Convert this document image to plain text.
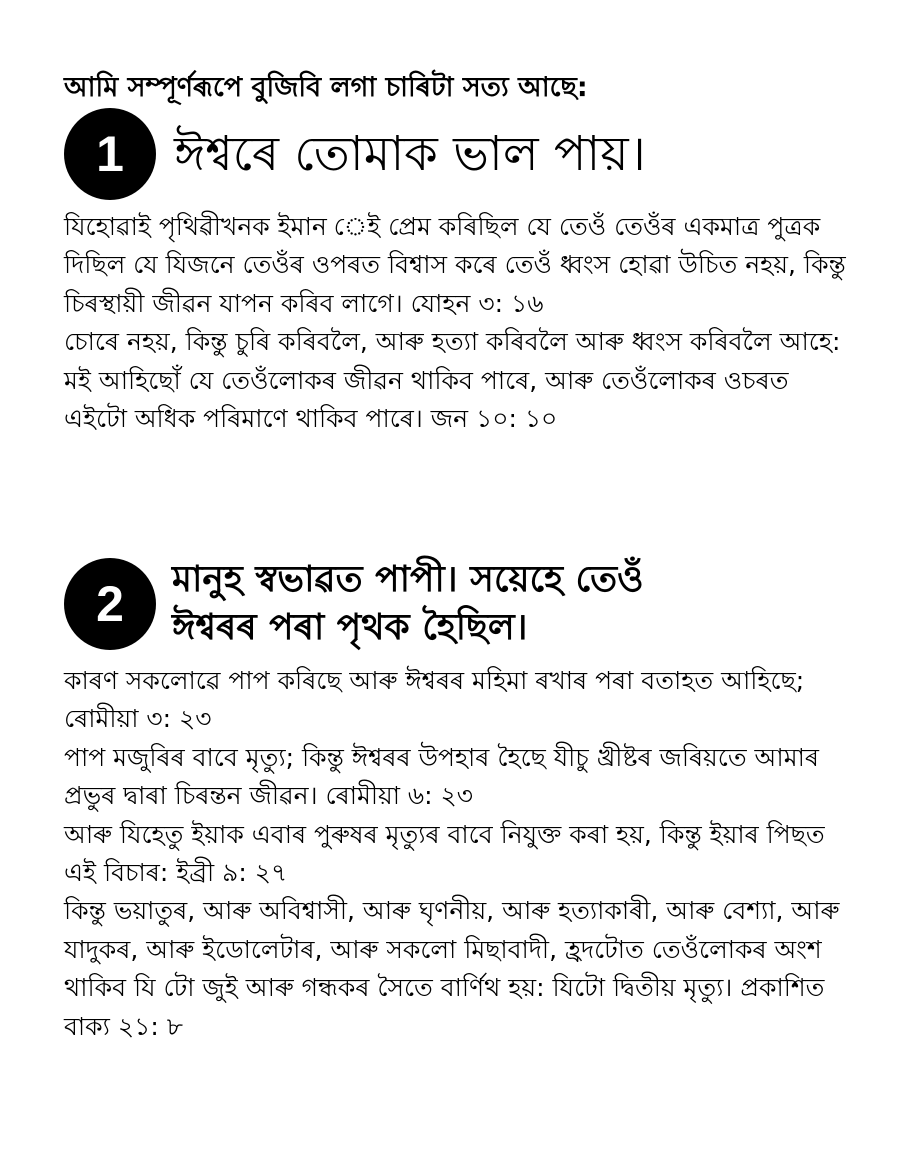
আমি সম্পূৰ্ণৰূপে বুজিবি লগা চাৰিটা সত্য আছে:
1	ঈশ্বৰে তোমাক ভাল পায়।

যিহোৱাই পৃথিৱীখনক ইমান েই প্ৰেম কৰিছিল যে তেওঁ তেওঁৰ একমাত্ৰ পুত্ৰক দিছিল যে যিজনে তেওঁৰ ওপৰত বিশ্বাস কৰে তেওঁ ধ্বংস হোৱা উচিত নহয়, কিন্তু চিৰস্থায়ী জীৱন যাপন কৰিব লাগে। যোহন ৩: ১৬

চোৰে নহয়, কিন্তু চুৰি কৰিবলৈ, আৰু হত্যা কৰিবলৈ আৰু ধ্বংস কৰিবলৈ আহে: মই আহিছোঁ যে তেওঁলোকৰ জীৱন থাকিব পাৰে, আৰু তেওঁলোকৰ ওচৰত এইটো অধিক পৰিমাণে থাকিব পাৰে। জন ১০: ১০

2	মানুহ স্বভাৱত পাপী। সয়েহে তেওঁ
ঈশ্বৰৰ পৰা পৃথক হৈছিল।

কাৰণ সকলোৱে পাপ কৰিছে আৰু ঈশ্বৰৰ মহিমা ৰখাৰ পৰা বতাহত আহিছে; ৰোমীয়া ৩: ২৩

পাপ মজুৰিৰ বাবে মৃত্যু; কিন্তু ঈশ্বৰৰ উপহাৰ হৈছে যীচু খ্ৰীষ্টৰ জৰিয়তে আমাৰ প্ৰভুৰ দ্বাৰা চিৰন্তন জীৱন। ৰোমীয়া ৬: ২৩

আৰু যিহেতু ইয়াক এবাৰ পুৰুষৰ মৃত্যুৰ বাবে নিযুক্ত কৰা হয়, কিন্তু ইয়াৰ পিছত এই বিচাৰ: ইব্ৰী ৯: ২৭

কিন্তু ভয়াতুৰ, আৰু অবিশ্বাসী, আৰু ঘৃণনীয়, আৰু হত্যাকাৰী, আৰু বেশ্যা, আৰু যাদুকৰ, আৰু ইডোলেটাৰ, আৰু সকলো মিছাবাদী, হ্ৰদটোত তেওঁলোকৰ অংশ থাকিব যি টো জুই আৰু গন্ধকৰ সৈতে বাৰ্ণিথ হয়: যিটো দ্বিতীয় মৃত্যু। প্ৰকাশিত বাক্য ২১: ৮
